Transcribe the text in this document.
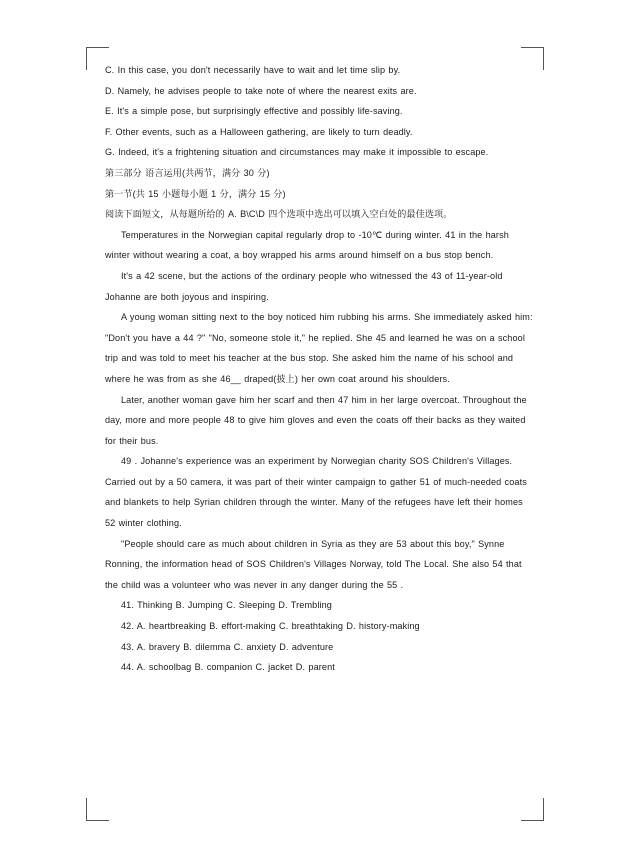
C. In this case, you don't necessarily have to wait and let time slip by.

D. Namely, he advises people to take note of where the nearest exits are.

E. It's a simple pose, but surprisingly effective and possibly life-saving.

F. Other events, such as a Halloween gathering, are likely to turn deadly.

G. Indeed, it's a frightening situation and circumstances may make it impossible to escape.

第三部分 语言运用(共两节，满分 30 分)

第一节(共 15 小题每小题 1 分，满分 15 分)

阅读下面短文，从每题所给的 A. B\C\D 四个选项中选出可以填入空白处的最佳选项。

Temperatures in the Norwegian capital regularly drop to -10℃ during winter. 41 in the harsh winter without wearing a coat, a boy wrapped his arms around himself on a bus stop bench.

It's a 42 scene, but the actions of the ordinary people who witnessed the 43 of 11-year-old Johanne are both joyous and inspiring.

A young woman sitting next to the boy noticed him rubbing his arms. She immediately asked him: "Don't you have a 44 ?" "No, someone stole it," he replied. She 45 and learned he was on a school trip and was told to meet his teacher at the bus stop. She asked him the name of his school and where he was from as she 46__ draped(披上) her own coat around his shoulders.

Later, another woman gave him her scarf and then 47 him in her large overcoat. Throughout the day, more and more people 48 to give him gloves and even the coats off their backs as they waited for their bus.

49 . Johanne's experience was an experiment by Norwegian charity SOS Children's Villages. Carried out by a 50 camera, it was part of their winter campaign to gather 51 of much-needed coats and blankets to help Syrian children through the winter. Many of the refugees have left their homes 52 winter clothing.

"People should care as much about children in Syria as they are 53 about this boy," Synne Ronning, the information head of SOS Children's Villages Norway, told The Local. She also 54 that the child was a volunteer who was never in any danger during the 55 .

41. Thinking B. Jumping C. Sleeping D. Trembling

42. A. heartbreaking B. effort-making C. breathtaking D. history-making

43. A. bravery B. dilemma C. anxiety D. adventure

44. A. schoolbag B. companion C. jacket D. parent
